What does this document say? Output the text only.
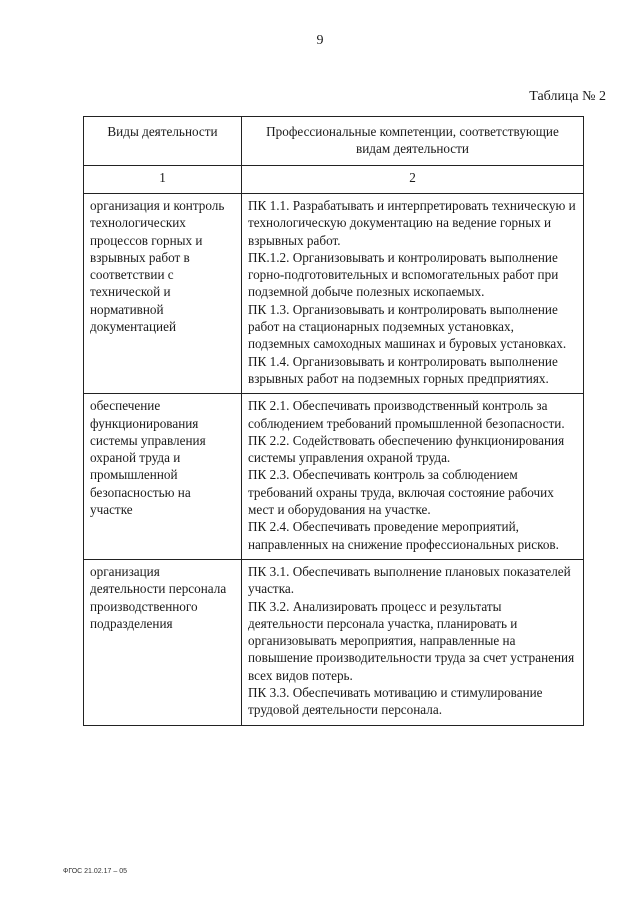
9
Таблица № 2
Виды деятельности	Профессиональные компетенции, соответствующие видам деятельности
1	2
организация и контроль технологических процессов горных и взрывных работ в соответствии с технической и нормативной документацией	ПК 1.1. Разрабатывать и интерпретировать техническую и технологическую документацию на ведение горных и взрывных работ.
ПК.1.2. Организовывать и контролировать выполнение горно-подготовительных и вспомогательных работ при подземной добыче полезных ископаемых.
ПК 1.3. Организовывать и контролировать выполнение работ на стационарных подземных установках, подземных самоходных машинах и буровых установках.
ПК 1.4. Организовывать и контролировать выполнение взрывных работ на подземных горных предприятиях.

обеспечение функционирования системы управления охраной труда и промышленной безопасностью на участке	ПК 2.1. Обеспечивать производственный контроль за соблюдением требований промышленной безопасности.
ПК 2.2. Содействовать обеспечению функционирования системы управления охраной труда.
ПК 2.3. Обеспечивать контроль за соблюдением требований охраны труда, включая состояние рабочих мест и оборудования на участке.
ПК 2.4. Обеспечивать проведение мероприятий, направленных на снижение профессиональных рисков.

организация деятельности персонала производственного подразделения	ПК 3.1. Обеспечивать выполнение плановых показателей участка.
ПК 3.2. Анализировать процесс и результаты деятельности персонала участка, планировать и организовывать мероприятия, направленные на повышение производительности труда за счет устранения всех видов потерь.
ПК 3.3. Обеспечивать мотивацию и стимулирование трудовой деятельности персонала.
ФГОС 21.02.17 – 05
